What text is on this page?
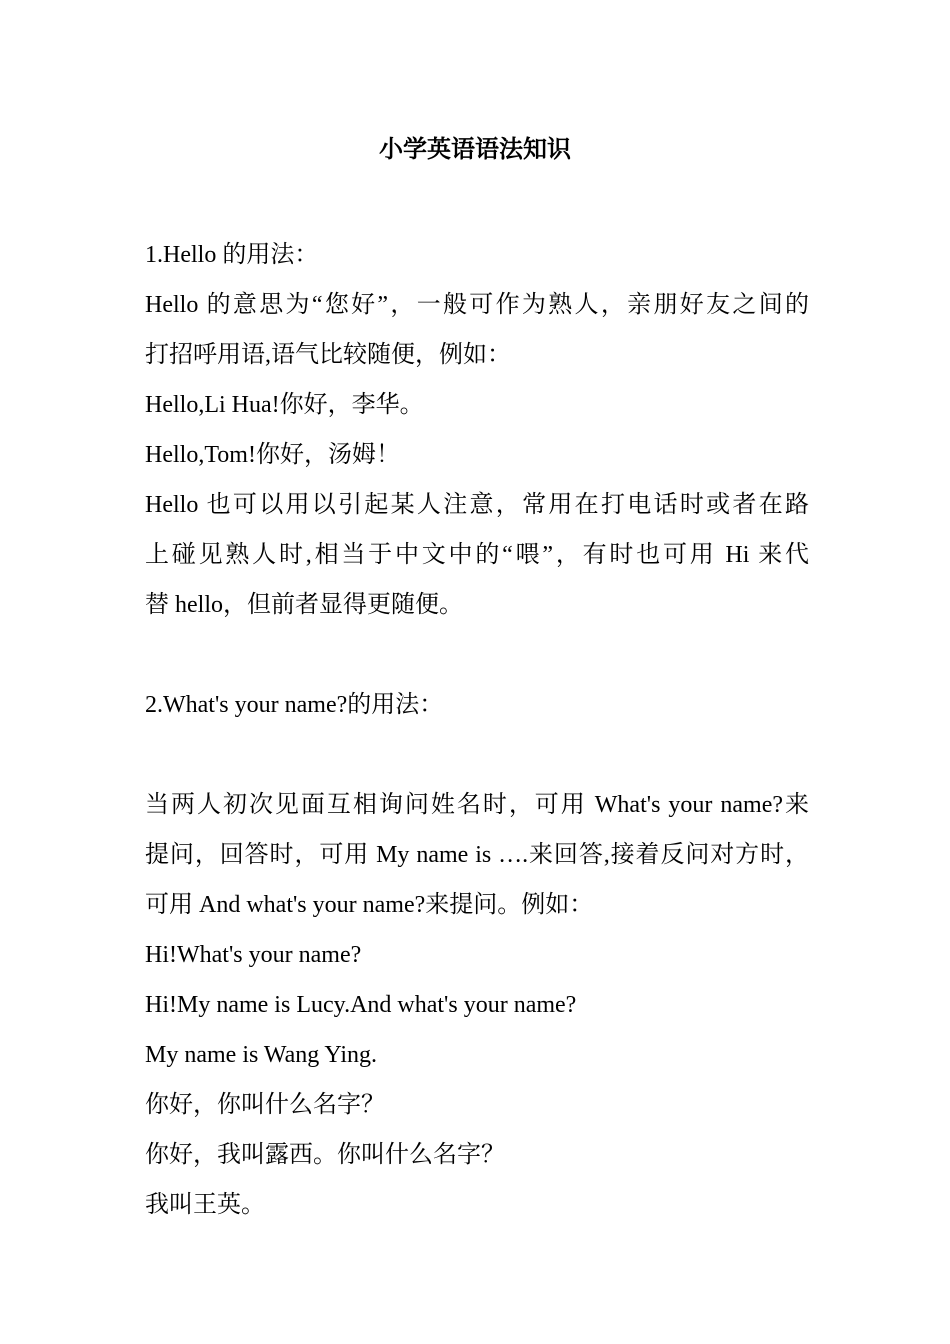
小学英语语法知识
1.Hello 的用法：
Hello 的意思为“您好”，一般可作为熟人，亲朋好友之间的
打招呼用语,语气比较随便，例如：
Hello,Li Hua!你好，李华。
Hello,Tom!你好，汤姆！
Hello 也可以用以引起某人注意，常用在打电话时或者在路
上碰见熟人时,相当于中文中的“喂”，有时也可用 Hi 来代
替 hello，但前者显得更随便。
2.What's your name?的用法：
当两人初次见面互相询问姓名时，可用 What's your name?来
提问，回答时，可用 My name is ….来回答,接着反问对方时，
可用 And what's your name?来提问。例如：
Hi!What's your name?
Hi!My name is Lucy.And what's your name?
My name is Wang Ying.
你好，你叫什么名字？
你好，我叫露西。你叫什么名字？
我叫王英。
